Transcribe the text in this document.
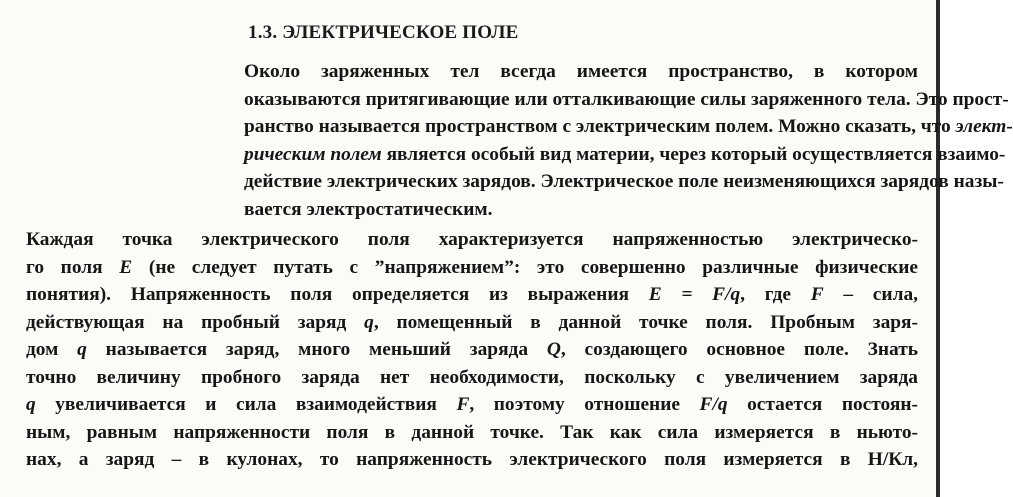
1.3. ЭЛЕКТРИЧЕСКОЕ ПОЛЕ

Около заряженных тел всегда имеется пространство, в котором
оказываются притягивающие или отталкивающие силы заряженного тела. Это прост-
ранство называется пространством с электрическим полем. Можно сказать, что элект-
рическим полем является особый вид материи, через который осуществляется взаимо-
действие электрических зарядов. Электрическое поле неизменяющихся зарядов назы-
вается электростатическим.

Каждая точка электрического поля характеризуется напряженностью электрическо-
го поля E (не следует путать с ”напряжением”: это совершенно различные физические
понятия). Напряженность поля определяется из выражения E = F/q, где F – сила,
действующая на пробный заряд q, помещенный в данной точке поля. Пробным заря-
дом q называется заряд, много меньший заряда Q, создающего основное поле. Знать
точно величину пробного заряда нет необходимости, поскольку с увеличением заряда
q увеличивается и сила взаимодействия F, поэтому отношение F/q остается постоян-
ным, равным напряженности поля в данной точке. Так как сила измеряется в ньюто-
нах, а заряд – в кулонах, то напряженность электрического поля измеряется в Н/Кл,
